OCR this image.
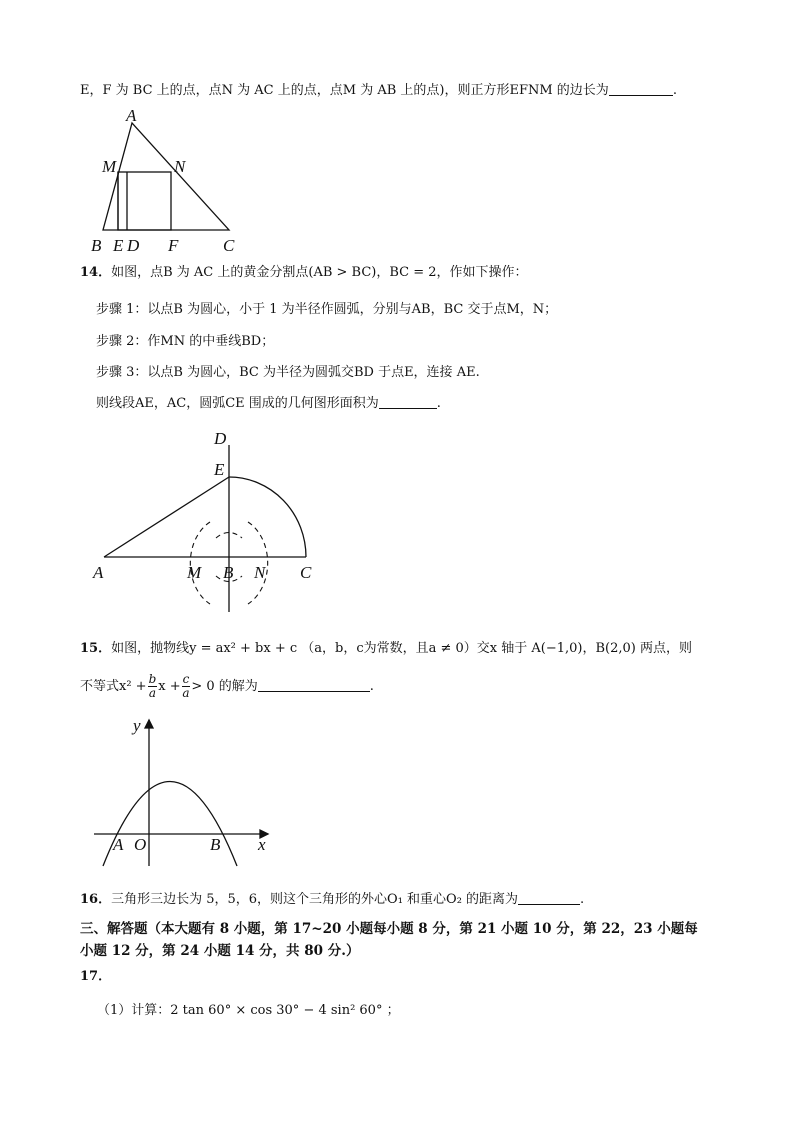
E，F 为 BC 上的点，点N 为 AC 上的点，点M 为 AB 上的点)，则正方形EFNM 的边长为	.
A
M	N
B E D F	C
14．如图，点B 为 AC 上的黄金分割点(AB > BC)，BC = 2，作如下操作：
步骤 1：以点B 为圆心，小于 1 为半径作圆弧，分别与AB，BC 交于点M，N；
步骤 2：作MN 的中垂线BD；
步骤 3：以点B 为圆心，BC 为半径为圆弧交BD 于点E，连接 AE.
则线段AE，AC，圆弧CE 围成的几何图形面积为	.
D
E
A	M B N C
15．如图，抛物线y = ax² + bx + c （a，b，c为常数，且a ≠ 0）交x 轴于 A(−1,0)，B(2,0) 两点，则
不等式$x^2 + \frac{b}{a}$ $x + \frac{c}{a} > 0$ 的解为	.
y
x
A O	B
16．三角形三边长为 5，5，6，则这个三角形的外心O₁ 和重心O₂ 的距离为	.
三、解答题（本大题有 8 小题，第 17~20 小题每小题 8 分，第 21 小题 10 分，第 22，23 小题每
小题 12 分，第 24 小题 14 分，共 80 分.）
17．
（1）计算：2 tan 60° × cos 30° − 4 sin² 60° ；
